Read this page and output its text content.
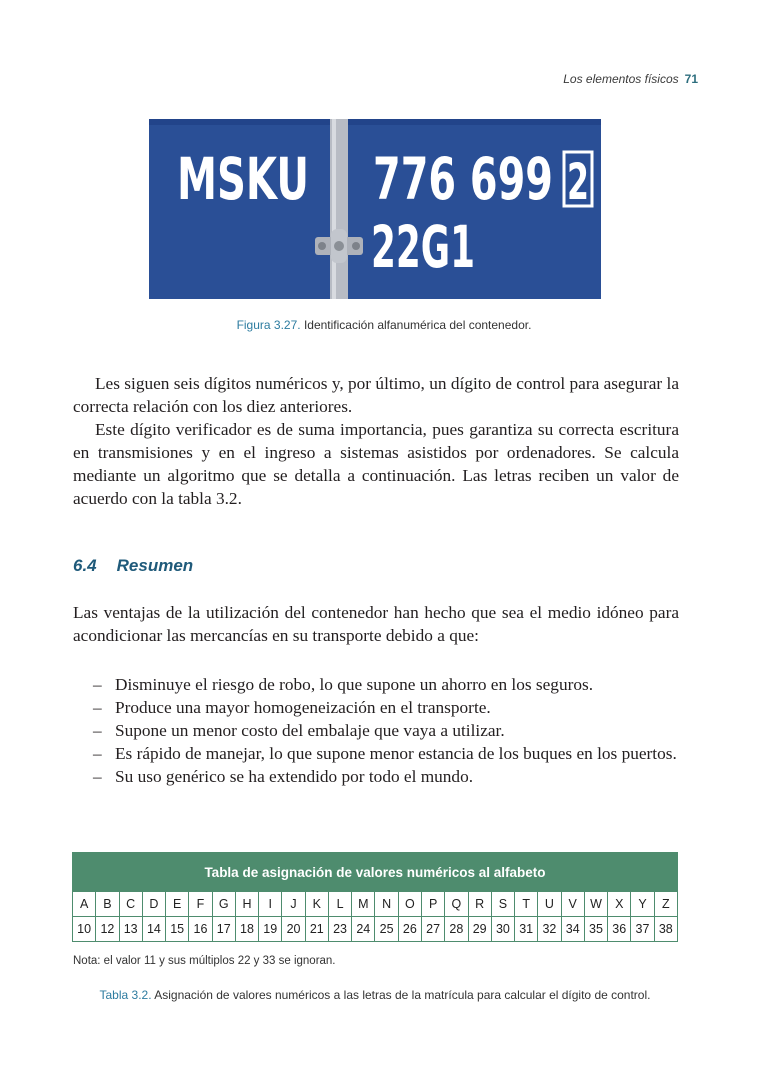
Los elementos físicos 71
MSKU 776 699
22G1
2
Figura 3.27. Identificación alfanumérica del contenedor.

Les siguen seis dígitos numéricos y, por último, un dígito de control para asegurar la correcta relación con los diez anteriores.

Este dígito verificador es de suma importancia, pues garantiza su correcta escritura en transmisiones y en el ingreso a sistemas asistidos por ordenadores. Se calcula mediante un algoritmo que se detalla a continuación. Las letras reciben un valor de acuerdo con la tabla 3.2.

6.4 Resumen

Las ventajas de la utilización del contenedor han hecho que sea el medio idóneo para acondicionar las mercancías en su transporte debido a que:

– Disminuye el riesgo de robo, lo que supone un ahorro en los seguros.
– Produce una mayor homogeneización en el transporte.
– Supone un menor costo del embalaje que vaya a utilizar.
– Es rápido de manejar, lo que supone menor estancia de los buques en los puertos.
– Su uso genérico se ha extendido por todo el mundo.
Tabla de asignación de valores numéricos al alfabeto																									
A	B	C	D	E	F	G	H	I	J	K	L	M	N	O	P	Q	R	S	T	U	V	W	X	Y	Z
10	12	13	14	15	16	17	18	19	20	21	23	24	25	26	27	28	29	30	31	32	34	35	36	37	38
Nota: el valor 11 y sus múltiplos 22 y 33 se ignoran.
Tabla 3.2. Asignación de valores numéricos a las letras de la matrícula para calcular el dígito de control.
